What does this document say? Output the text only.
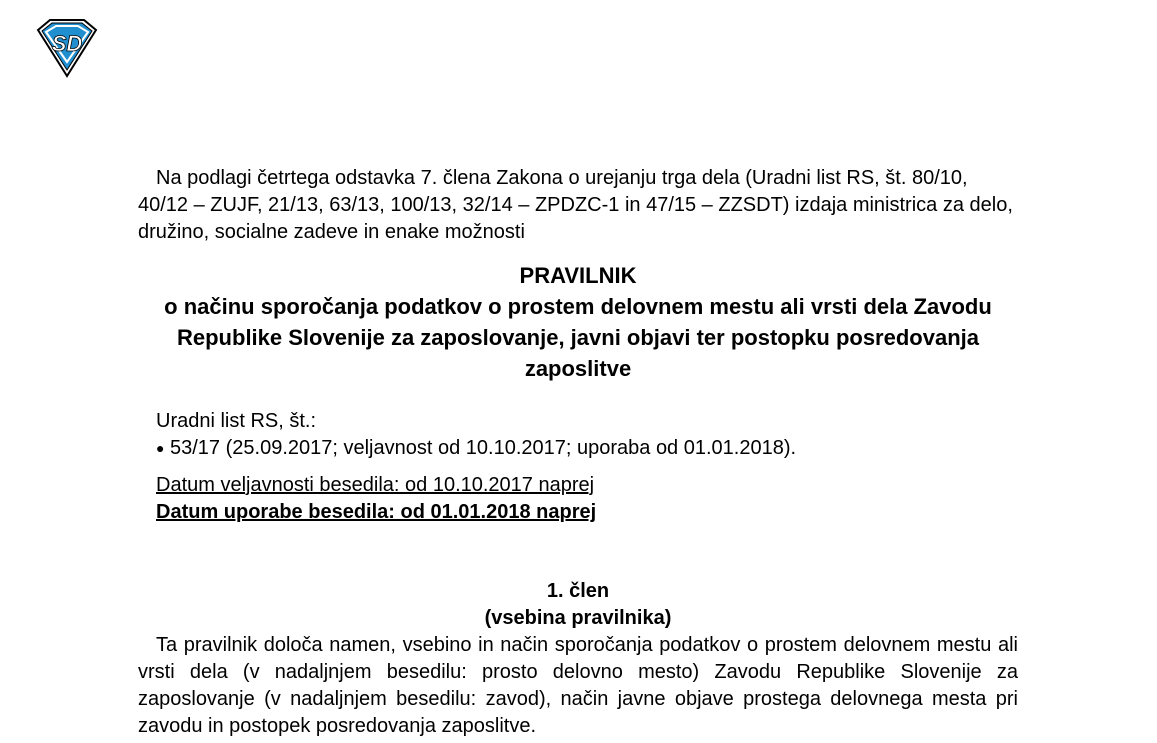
SD

Na podlagi četrtega odstavka 7. člena Zakona o urejanju trga dela (Uradni list RS, št. 80/10, 40/12 – ZUJF, 21/13, 63/13, 100/13, 32/14 – ZPDZC-1 in 47/15 – ZZSDT) izdaja ministrica za delo, družino, socialne zadeve in enake možnosti

PRAVILNIK
o načinu sporočanja podatkov o prostem delovnem mestu ali vrsti dela Zavodu Republike Slovenije za zaposlovanje, javni objavi ter postopku posredovanja zaposlitve
Uradni list RS, št.:
● 53/17 (25.09.2017; veljavnost od 10.10.2017; uporaba od 01.01.2018).
Datum veljavnosti besedila: od 10.10.2017 naprej
Datum uporabe besedila: od 01.01.2018 naprej
1. člen
(vsebina pravilnika)

Ta pravilnik določa namen, vsebino in način sporočanja podatkov o prostem delovnem mestu ali vrsti dela (v nadaljnjem besedilu: prosto delovno mesto) Zavodu Republike Slovenije za zaposlovanje (v nadaljnjem besedilu: zavod), način javne objave prostega delovnega mesta pri zavodu in postopek posredovanja zaposlitve.
